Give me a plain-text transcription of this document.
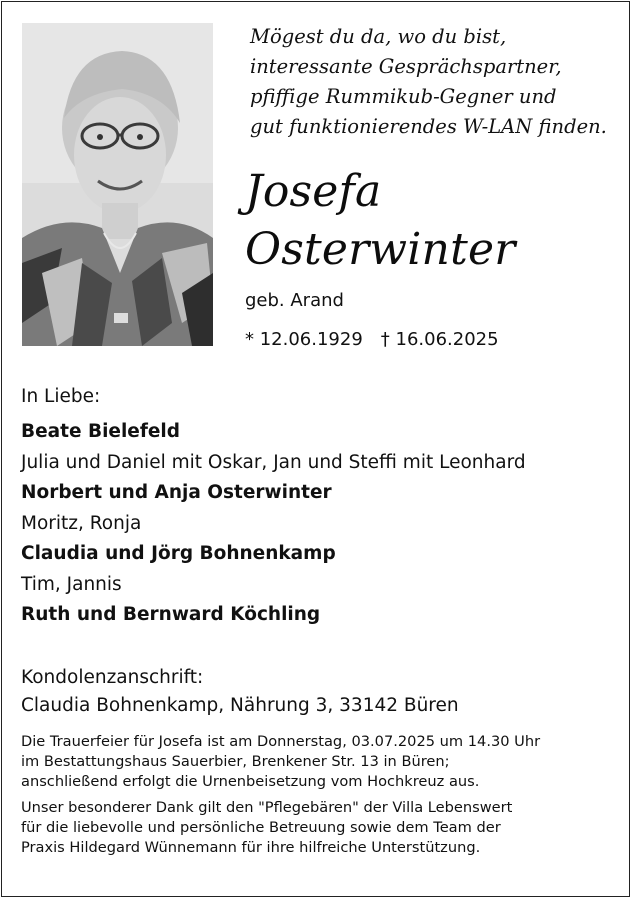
Mögest du da, wo du bist,
interessante Gesprächspartner,
pfiffige Rummikub-Gegner und
gut funktionierendes W-LAN finden.
Josefa
Osterwinter
geb. Arand
* 12.06.1929 † 16.06.2025
In Liebe:
Beate Bielefeld
Julia und Daniel mit Oskar, Jan und Steffi mit Leonhard
Norbert und Anja Osterwinter
Moritz, Ronja
Claudia und Jörg Bohnenkamp
Tim, Jannis
Ruth und Bernward Köchling
Kondolenzanschrift:
Claudia Bohnenkamp, Nährung 3, 33142 Büren
Die Trauerfeier für Josefa ist am Donnerstag, 03.07.2025 um 14.30 Uhr
im Bestattungshaus Sauerbier, Brenkener Str. 13 in Büren;
anschließend erfolgt die Urnenbeisetzung vom Hochkreuz aus.
Unser besonderer Dank gilt den "Pflegebären" der Villa Lebenswert
für die liebevolle und persönliche Betreuung sowie dem Team der
Praxis Hildegard Wünnemann für ihre hilfreiche Unterstützung.
